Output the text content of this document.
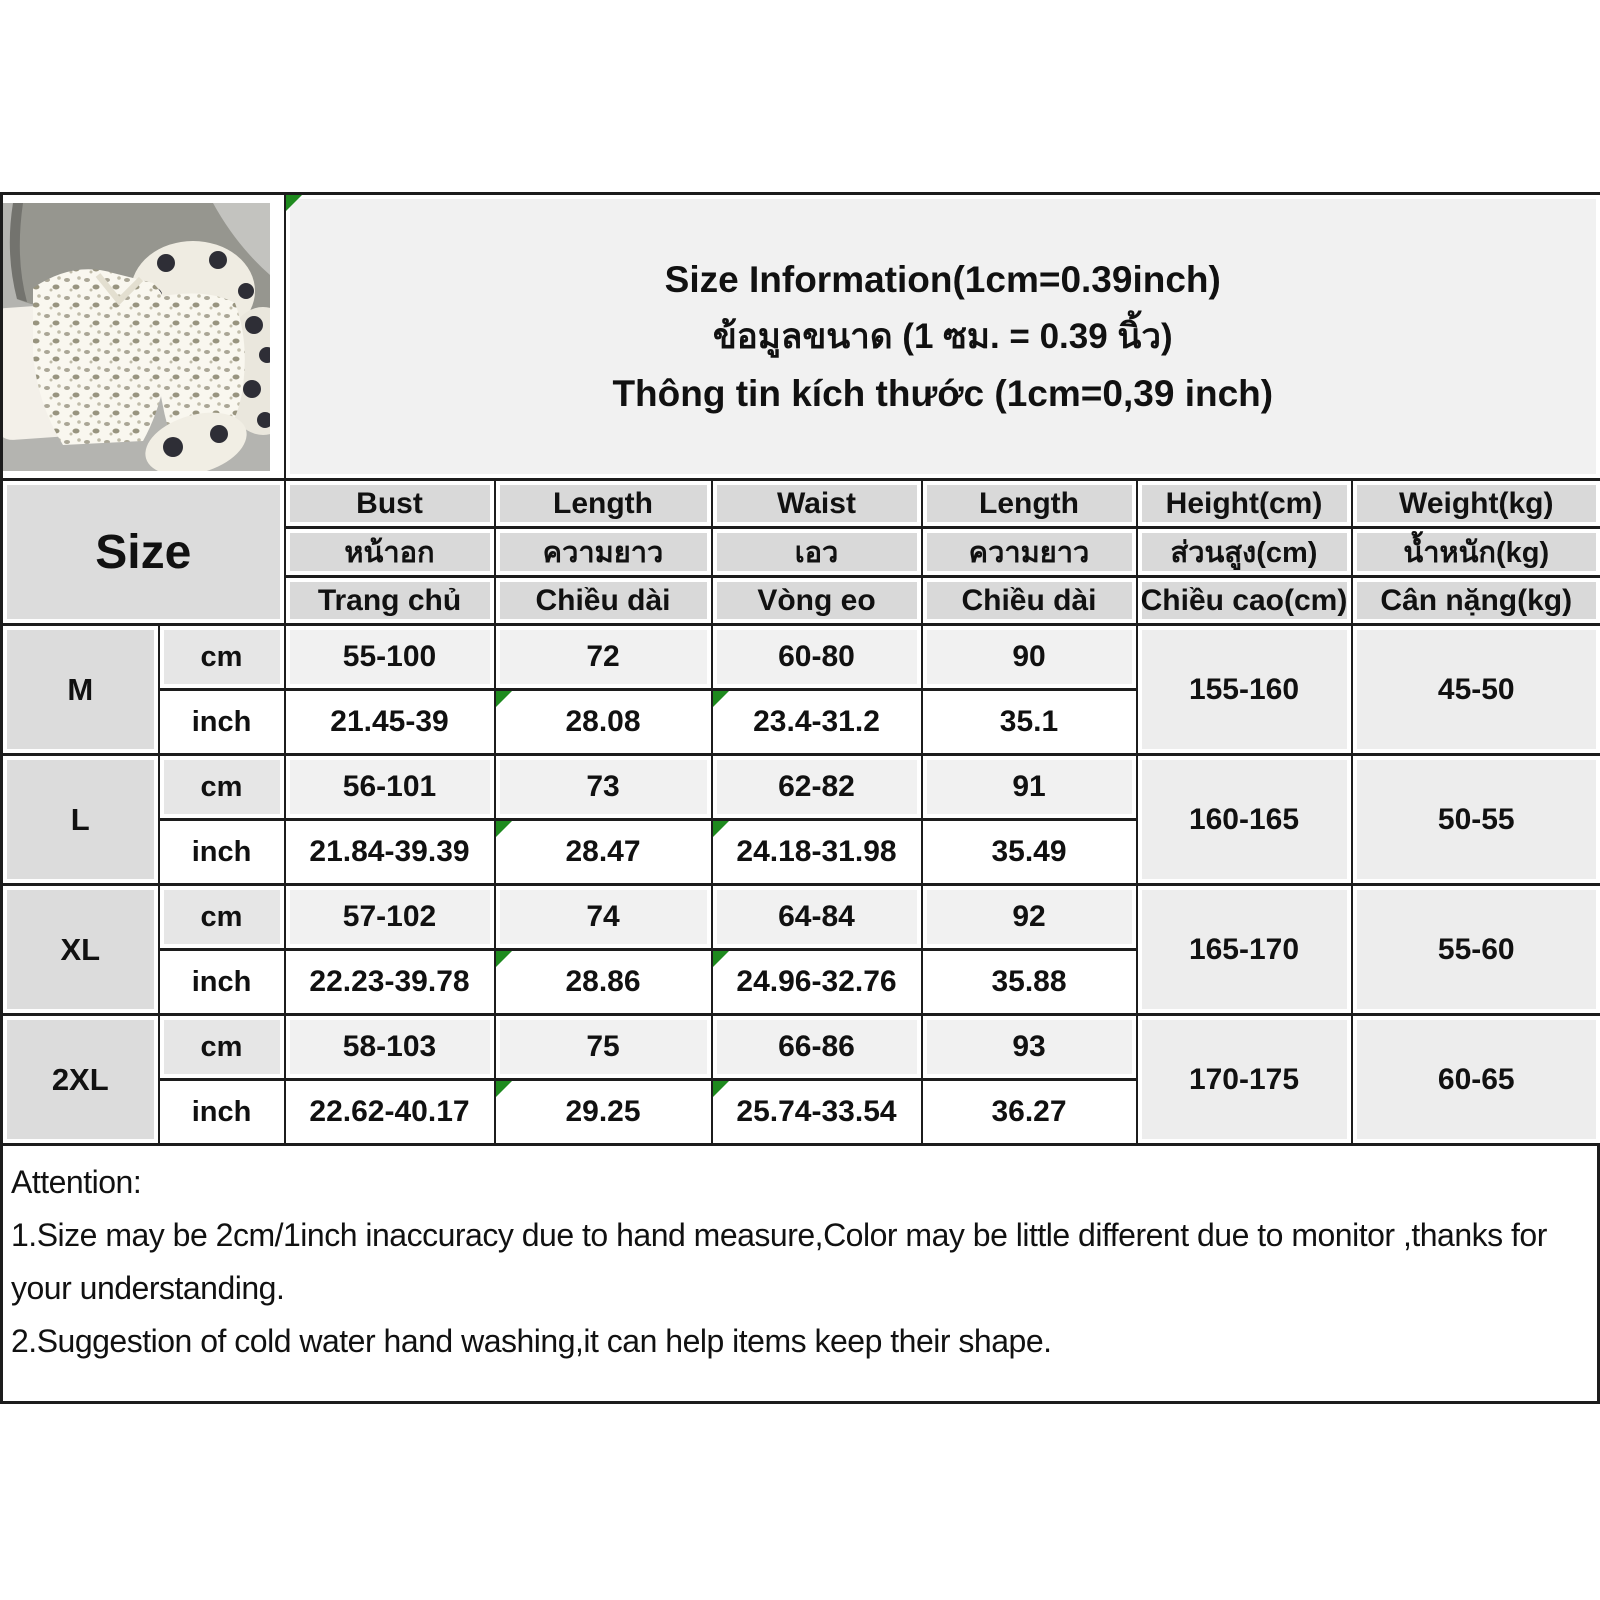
Size Information(1cm=0.39inch)
ข้อมูลขนาด (1 ซม. = 0.39 นิ้ว)
Thông tin kích thước (1cm=0,39 inch)					

Size		Bust	Length	Waist	Length	Height(cm)	Weight(kg)
		หน้าอก	ความยาว	เอว	ความยาว	ส่วนสูง(cm)	น้ำหนัก(kg)
		Trang chủ	Chiều dài	Vòng eo	Chiều dài	Chiều cao(cm)	Cân nặng(kg)
M	cm	55-100	72	60-80	90	155-160	45-50
	inch	21.45-39	28.08	23.4-31.2	35.1		
L	cm	56-101	73	62-82	91	160-165	50-55
	inch	21.84-39.39	28.47	24.18-31.98	35.49		
XL	cm	57-102	74	64-84	92	165-170	55-60
	inch	22.23-39.78	28.86	24.96-32.76	35.88		
2XL	cm	58-103	75	66-86	93	170-175	60-65
	inch	22.62-40.17	29.25	25.74-33.54	36.27		
Attention:
1.Size may be 2cm/1inch inaccuracy due to hand measure,Color may be little different due to monitor ,thanks for your understanding.
2.Suggestion of cold water hand washing,it can help items keep their shape.
